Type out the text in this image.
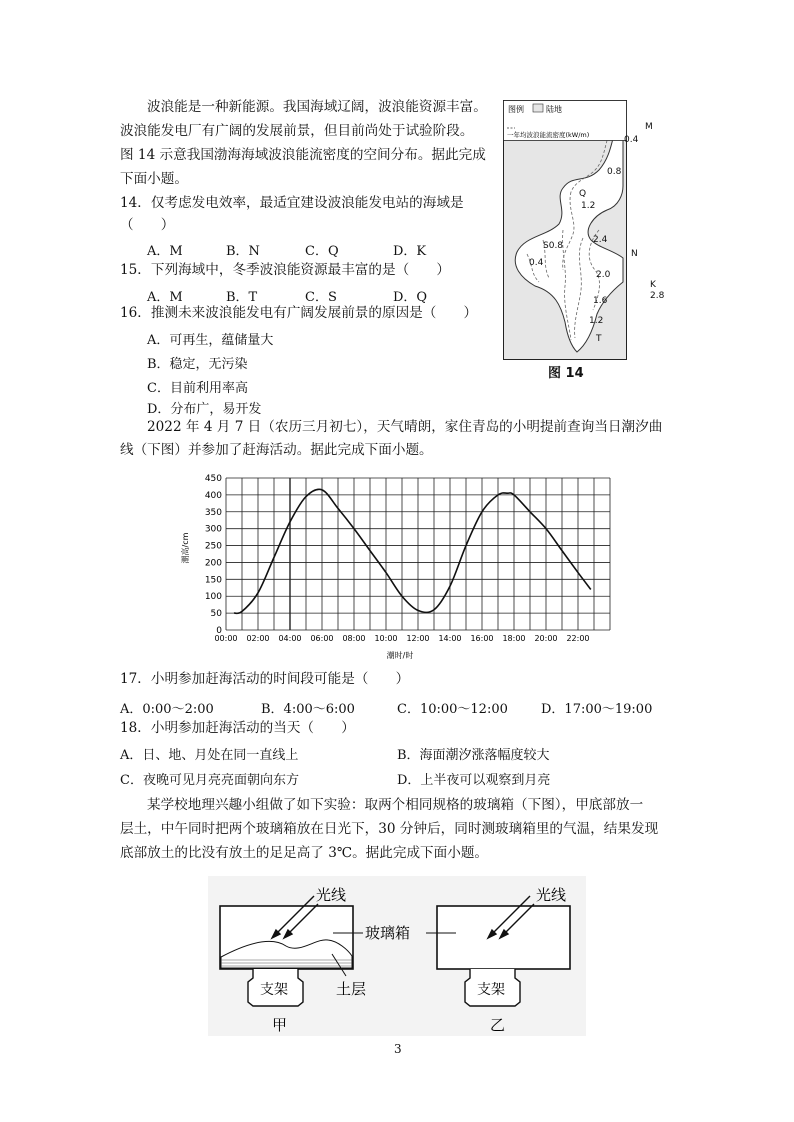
波浪能是一种新能源。我国海域辽阔，波浪能资源丰富。
波浪能发电厂有广阔的发展前景，但目前尚处于试验阶段。
图 14 示意我国渤海海域波浪能流密度的空间分布。据此完成
下面小题。
14．仅考虑发电效率，最适宜建设波浪能发电站的海域是
（　　）
A．M	B．N	C．Q	D．K
15．下列海域中，冬季波浪能资源最丰富的是（　　）
A．M	B．T	C．S	D．Q
16．推测未来波浪能发电有广阔发展前景的原因是（　　）
A．可再生，蕴储量大
B．稳定，无污染
C．目前利用率高
D．分布广，易开发
图例	陆地
一年均波浪能流密度(kW/m)
M
0.4
0.8
Q
1.2
S0.8
0.4
2.4
N
2.0
1.6
1.2
T
K
2.8
图 14
2022 年 4 月 7 日（农历三月初七），天气晴朗，家住青岛的小明提前查询当日潮汐曲
线（下图）并参加了赶海活动。据此完成下面小题。
0
50
100
150
200
250
300
350
400
450
00:00 02:00 04:00 06:00 08:00 10:00 12:00 14:00 16:00 18:00 20:00 22:00
潮高/cm
潮时/时
17．小明参加赶海活动的时间段可能是（　　）
A．0:00～2:00	B．4:00～6:00	C．10:00～12:00	D．17:00～19:00
18．小明参加赶海活动的当天（　　）
A．日、地、月处在同一直线上	B．海面潮汐涨落幅度较大
C．夜晚可见月亮亮面朝向东方	D．上半夜可以观察到月亮
某学校地理兴趣小组做了如下实验：取两个相同规格的玻璃箱（下图），甲底部放一
层土，中午同时把两个玻璃箱放在日光下，30 分钟后，同时测玻璃箱里的气温，结果发现
底部放土的比没有放土的足足高了 3℃。据此完成下面小题。
光线	光线
玻璃箱
土层
支架	支架
甲	乙
3
